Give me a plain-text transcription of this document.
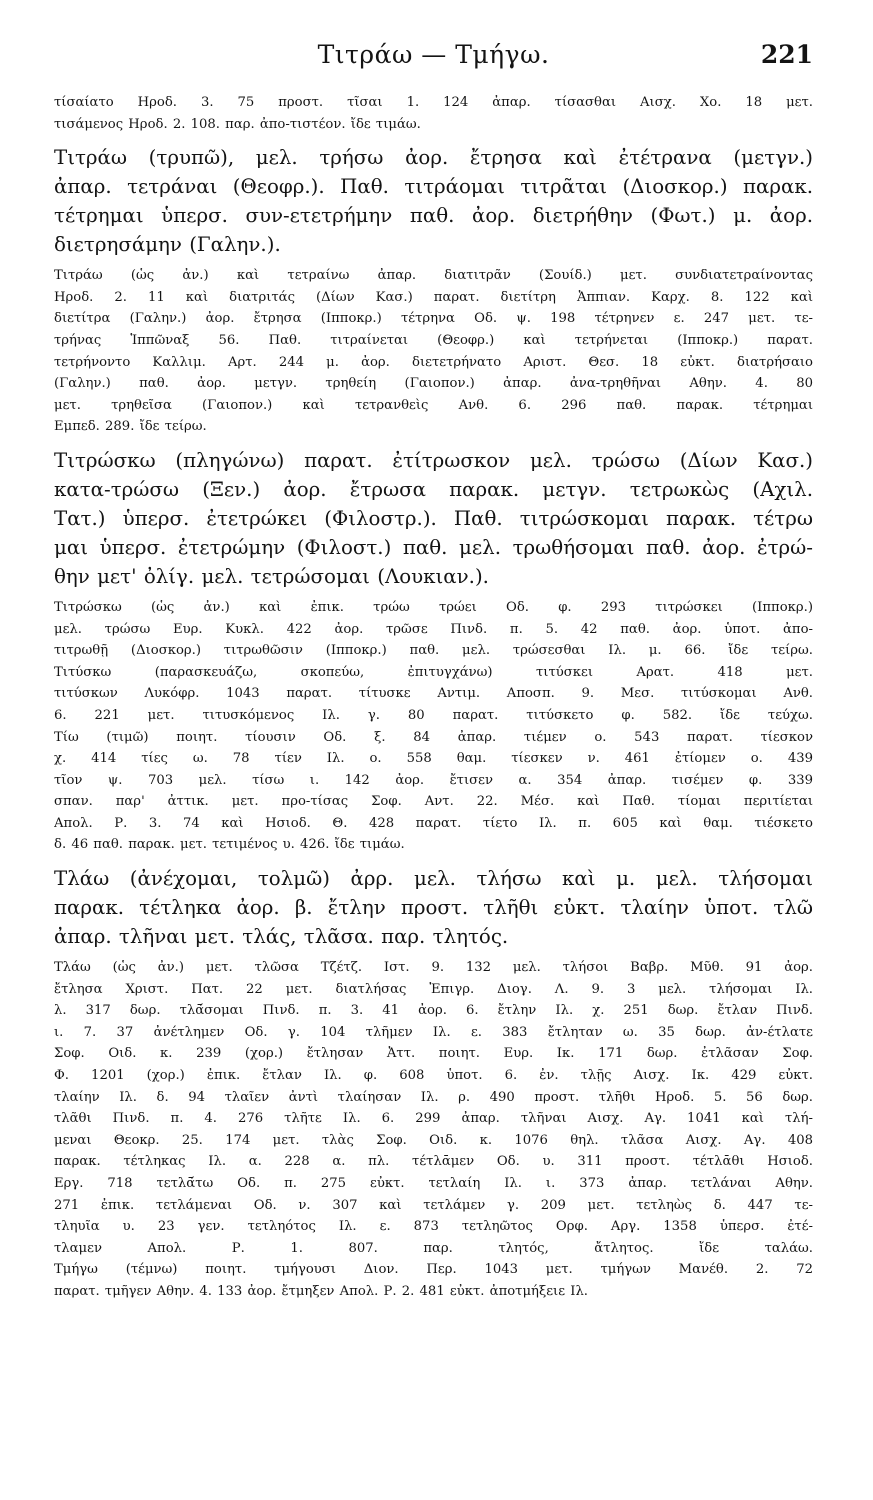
Τιτράω — Τμήγω.	221
τίσαίατο Ηροδ. 3. 75 προστ. τῖσαι 1. 124 ἀπαρ. τίσασθαι Αισχ. Χο. 18 μετ.
τισάμενος Ηροδ. 2. 108. παρ. ἀπο-τιστέον. ἴδε τιμάω.
Τιτράω (τρυπῶ), μελ. τρήσω ἀορ. ἔτρησα καὶ ἐτέτρανα (μετγν.)
ἀπαρ. τετράναι (Θεοφρ.). Παθ. τιτράομαι τιτρᾶται (Διοσκορ.) παρακ.
τέτρημαι ὑπερσ. συν-ετετρήμην παθ. ἀορ. διετρήθην (Φωτ.) μ. ἀορ.
διετρησάμην (Γαλην.).
Τιτράω (ὡς ἀν.) καὶ τετραίνω ἀπαρ. διατιτρᾶν (Σουίδ.) μετ. συνδιατετραίνοντας
Ηροδ. 2. 11 καὶ διατριτάς (Δίων Κασ.) παρατ. διετίτρη Ἀππιαν. Καρχ. 8. 122 καὶ
διετίτρα (Γαλην.) ἀορ. ἔτρησα (Ιπποκρ.) τέτρηνα Οδ. ψ. 198 τέτρηνεν ε. 247 μετ. τε-
τρήνας Ἱππῶναξ 56. Παθ. τιτραίνεται (Θεοφρ.) καὶ τετρήνεται (Ιπποκρ.) παρατ.
τετρήνοντο Καλλιμ. Αρτ. 244 μ. ἀορ. διετετρήνατο Αριστ. Θεσ. 18 εὐκτ. διατρήσαιο
(Γαλην.) παθ. ἀορ. μετγν. τρηθείη (Γαιοπον.) ἀπαρ. ἀνα-τρηθῆναι Αθην. 4. 80
μετ. τρηθεῖσα (Γαιοπον.) καὶ τετρανθεὶς Ανθ. 6. 296 παθ. παρακ. τέτρημαι
Εμπεδ. 289. ἴδε τείρω.
Τιτρώσκω (πληγώνω) παρατ. ἐτίτρωσκον μελ. τρώσω (Δίων Κασ.)
κατα-τρώσω (Ξεν.) ἀορ. ἔτρωσα παρακ. μετγν. τετρωκὼς (Αχιλ.
Τατ.) ὑπερσ. ἐτετρώκει (Φιλοστρ.). Παθ. τιτρώσκομαι παρακ. τέτρω
μαι ὑπερσ. ἐτετρώμην (Φιλοστ.) παθ. μελ. τρωθήσομαι παθ. ἀορ. ἐτρώ-
θην μετ' ὀλίγ. μελ. τετρώσομαι (Λουκιαν.).
Τιτρώσκω (ὡς ἀν.) καὶ ἐπικ. τρώω τρώει Οδ. φ. 293 τιτρώσκει (Ιπποκρ.)
μελ. τρώσω Ευρ. Κυκλ. 422 ἀορ. τρῶσε Πινδ. π. 5. 42 παθ. ἀορ. ὑποτ. ἀπο-
τιτρωθῇ (Διοσκορ.) τιτρωθῶσιν (Ιπποκρ.) παθ. μελ. τρώσεσθαι Ιλ. μ. 66. ἴδε τείρω.
Τιτύσκω (παρασκευάζω, σκοπεύω, ἐπιτυγχάνω) τιτύσκει Αρατ. 418 μετ.
τιτύσκων Λυκόφρ. 1043 παρατ. τίτυσκε Αντιμ. Αποσπ. 9. Μεσ. τιτύσκομαι Ανθ.
6. 221 μετ. τιτυσκόμενος Ιλ. γ. 80 παρατ. τιτύσκετο φ. 582. ἴδε τεύχω.
Τίω (τιμῶ) ποιητ. τίουσιν Οδ. ξ. 84 ἀπαρ. τιέμεν ο. 543 παρατ. τίεσκον
χ. 414 τίες ω. 78 τίεν Ιλ. ο. 558 θαμ. τίεσκεν ν. 461 ἐτίομεν ο. 439
τῖον ψ. 703 μελ. τίσω ι. 142 ἀορ. ἔτισεν α. 354 ἀπαρ. τισέμεν φ. 339
σπαν. παρ' ἀττικ. μετ. προ-τίσας Σοφ. Αντ. 22. Μέσ. καὶ Παθ. τίομαι περιτίεται
Απολ. Ρ. 3. 74 καὶ Ησιοδ. Θ. 428 παρατ. τίετο Ιλ. π. 605 καὶ θαμ. τιέσκετο
δ. 46 παθ. παρακ. μετ. τετιμένος υ. 426. ἴδε τιμάω.
Τλάω (ἀνέχομαι, τολμῶ) ἀρρ. μελ. τλήσω καὶ μ. μελ. τλήσομαι
παρακ. τέτληκα ἀορ. β. ἔτλην προστ. τλῆθι εὐκτ. τλαίην ὑποτ. τλῶ
ἀπαρ. τλῆναι μετ. τλάς, τλᾶσα. παρ. τλητός.
Τλάω (ὡς ἀν.) μετ. τλῶσα Τζέτζ. Ιστ. 9. 132 μελ. τλήσοι Βαβρ. Μῦθ. 91 ἀορ.
ἔτλησα Χριστ. Πατ. 22 μετ. διατλήσας Ἐπιγρ. Διογ. Λ. 9. 3 μελ. τλήσομαι Ιλ.
λ. 317 δωρ. τλᾱ́σομαι Πινδ. π. 3. 41 ἀορ. 6. ἔτλην Ιλ. χ. 251 δωρ. ἔτλαν Πινδ.
ι. 7. 37 ἀνέτλημεν Οδ. γ. 104 τλῆμεν Ιλ. ε. 383 ἔτληταν ω. 35 δωρ. ἀν-έτλατε
Σοφ. Οιδ. κ. 239 (χορ.) ἔτλησαν Ἀττ. ποιητ. Ευρ. Ικ. 171 δωρ. ἐτλᾶσαν Σοφ.
Φ. 1201 (χορ.) ἐπικ. ἔτλαν Ιλ. φ. 608 ὑποτ. 6. ἐν. τλῇς Αισχ. Ικ. 429 εὐκτ.
τλαίην Ιλ. δ. 94 τλαῖεν ἀντὶ τλαίησαν Ιλ. ρ. 490 προστ. τλῆθι Ηροδ. 5. 56 δωρ.
τλᾶθι Πινδ. π. 4. 276 τλῆτε Ιλ. 6. 299 ἀπαρ. τλῆναι Αισχ. Αγ. 1041 καὶ τλή-
μεναι Θεοκρ. 25. 174 μετ. τλὰς Σοφ. Οιδ. κ. 1076 θηλ. τλᾶσα Αισχ. Αγ. 408
παρακ. τέτληκας Ιλ. α. 228 α. πλ. τέτλᾱμεν Οδ. υ. 311 προστ. τέτλᾱθι Ησιοδ.
Εργ. 718 τετλᾱ́τω Οδ. π. 275 εὐκτ. τετλαίη Ιλ. ι. 373 ἀπαρ. τετλάναι Αθην.
271 ἐπικ. τετλάμεναι Οδ. ν. 307 καὶ τετλάμεν γ. 209 μετ. τετληὼς δ. 447 τε-
τληυῖα υ. 23 γεν. τετληότος Ιλ. ε. 873 τετληῶτος Ορφ. Αργ. 1358 ὑπερσ. ἐτέ-
τλαμεν Απολ. Ρ. 1. 807. παρ. τλητός, ἄτλητος. ἴδε ταλάω.
Τμήγω (τέμνω) ποιητ. τμήγουσι Διον. Περ. 1043 μετ. τμήγων Μανέθ. 2. 72
παρατ. τμῆγεν Αθην. 4. 133 ἀορ. ἔτμηξεν Απολ. Ρ. 2. 481 εὐκτ. ἀποτμήξειε Ιλ.
